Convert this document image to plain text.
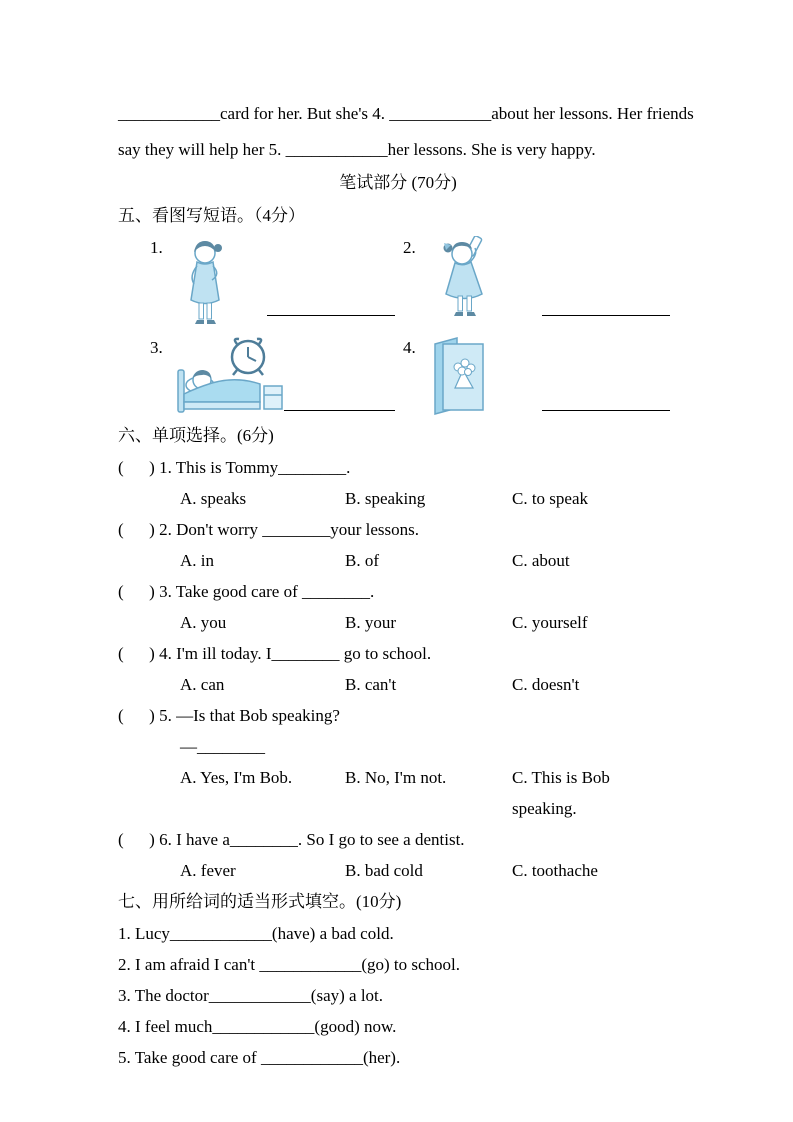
____________card for her. But she's 4. ____________about her lessons. Her friends

say they will help her 5. ____________her lessons. She is very happy.

笔试部分 (70分)
五、看图写短语。（4分）
1.	2.
3.	4.
六、单项选择。(6分)
(  ) 1. This is Tommy________.
A. speaks	B. speaking	C. to speak
(  ) 2. Don't worry ________your lessons.
A. in	B. of	C. about
(  ) 3. Take good care of ________.
A. you	B. your	C. yourself
(  ) 4. I'm ill today. I________ go to school.
A. can	B. can't	C. doesn't
(  ) 5. —Is that Bob speaking?
—________
A. Yes, I'm Bob.	B. No, I'm not.	C. This is Bob speaking.
(  ) 6. I have a________. So I go to see a dentist.
A. fever	B. bad cold	C. toothache
七、用所给词的适当形式填空。(10分)

1. Lucy____________(have) a bad cold.

2. I am afraid I can't ____________(go) to school.

3. The doctor____________(say) a lot.

4. I feel much____________(good) now.

5. Take good care of ____________(her).
